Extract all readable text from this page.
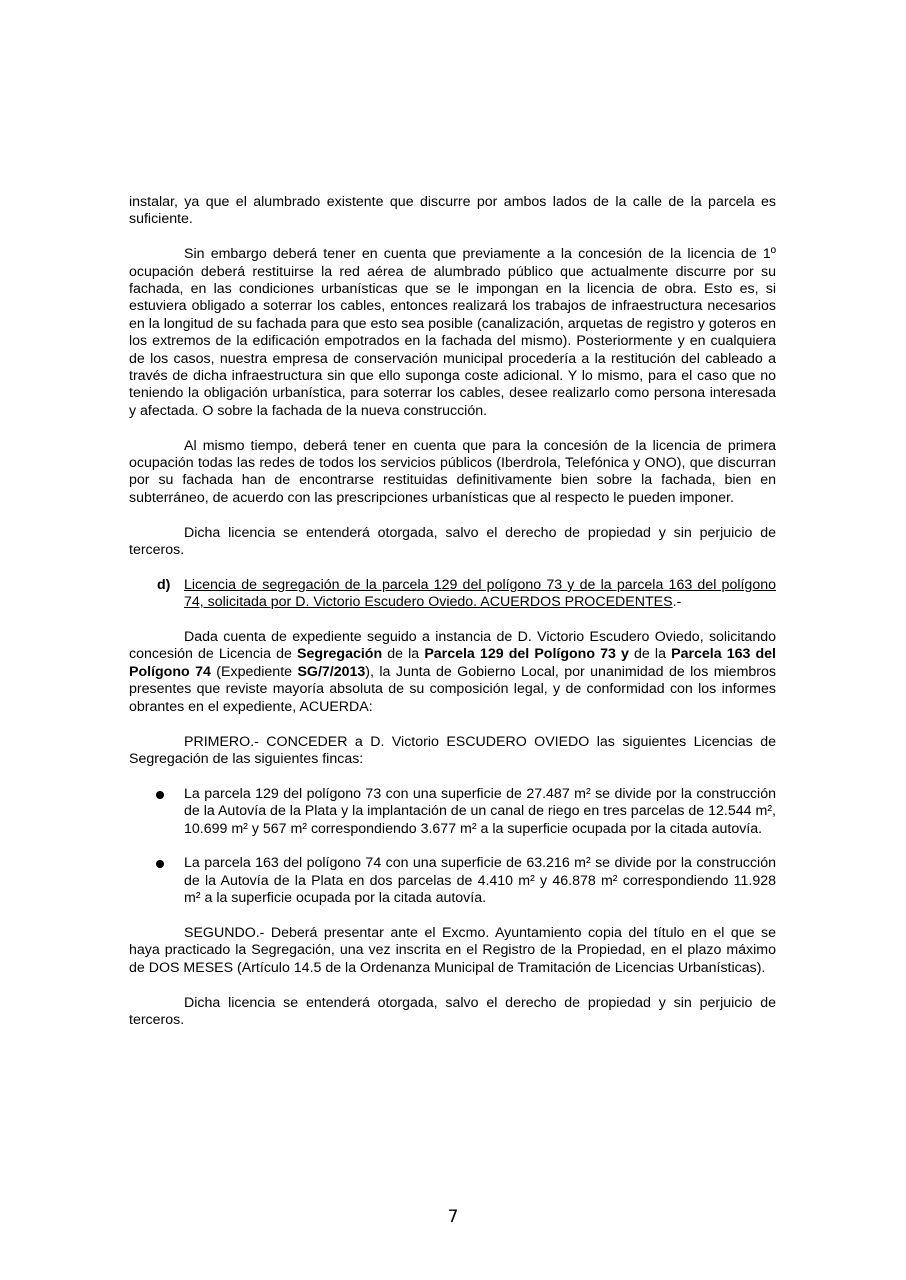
instalar, ya que el alumbrado existente que discurre por ambos lados de la calle de la parcela es suficiente.

Sin embargo deberá tener en cuenta que previamente a la concesión de la licencia de 1º ocupación deberá restituirse la red aérea de alumbrado público que actualmente discurre por su fachada, en las condiciones urbanísticas que se le impongan en la licencia de obra. Esto es, si estuviera obligado a soterrar los cables, entonces realizará los trabajos de infraestructura necesarios en la longitud de su fachada para que esto sea posible (canalización, arquetas de registro y goteros en los extremos de la edificación empotrados en la fachada del mismo). Posteriormente y en cualquiera de los casos, nuestra empresa de conservación municipal procedería a la restitución del cableado a través de dicha infraestructura sin que ello suponga coste adicional. Y lo mismo, para el caso que no teniendo la obligación urbanística, para soterrar los cables, desee realizarlo como persona interesada y afectada. O sobre la fachada de la nueva construcción.

Al mismo tiempo, deberá tener en cuenta que para la concesión de la licencia de primera ocupación todas las redes de todos los servicios públicos (Iberdrola, Telefónica y ONO), que discurran por su fachada han de encontrarse restituidas definitivamente bien sobre la fachada, bien en subterráneo, de acuerdo con las prescripciones urbanísticas que al respecto le pueden imponer.

Dicha licencia se entenderá otorgada, salvo el derecho de propiedad y sin perjuicio de terceros.

d) Licencia de segregación de la parcela 129 del polígono 73 y de la parcela 163 del polígono 74, solicitada por D. Victorio Escudero Oviedo. ACUERDOS PROCEDENTES.-

Dada cuenta de expediente seguido a instancia de D. Victorio Escudero Oviedo, solicitando concesión de Licencia de Segregación de la Parcela 129 del Polígono 73 y de la Parcela 163 del Polígono 74 (Expediente SG/7/2013), la Junta de Gobierno Local, por unanimidad de los miembros presentes que reviste mayoría absoluta de su composición legal, y de conformidad con los informes obrantes en el expediente, ACUERDA:

PRIMERO.- CONCEDER a D. Victorio ESCUDERO OVIEDO las siguientes Licencias de Segregación de las siguientes fincas:

La parcela 129 del polígono 73 con una superficie de 27.487 m² se divide por la construcción de la Autovía de la Plata y la implantación de un canal de riego en tres parcelas de 12.544 m², 10.699 m² y 567 m² correspondiendo 3.677 m² a la superficie ocupada por la citada autovía.
La parcela 163 del polígono 74 con una superficie de 63.216 m² se divide por la construcción de la Autovía de la Plata en dos parcelas de 4.410 m² y 46.878 m² correspondiendo 11.928 m² a la superficie ocupada por la citada autovía.

SEGUNDO.- Deberá presentar ante el Excmo. Ayuntamiento copia del título en el que se haya practicado la Segregación, una vez inscrita en el Registro de la Propiedad, en el plazo máximo de DOS MESES (Artículo 14.5 de la Ordenanza Municipal de Tramitación de Licencias Urbanísticas).

Dicha licencia se entenderá otorgada, salvo el derecho de propiedad y sin perjuicio de terceros.

7
